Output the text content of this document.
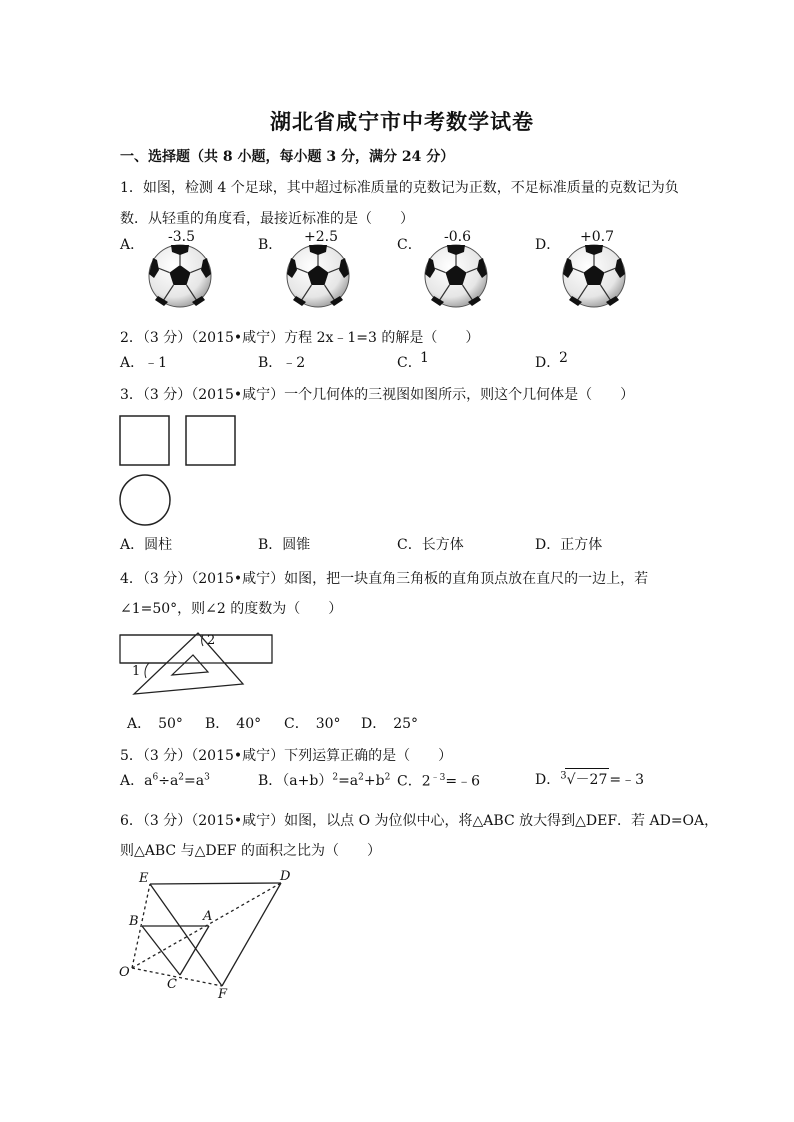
湖北省咸宁市中考数学试卷
一、选择题（共 8 小题，每小题 3 分，满分 24 分）
1．如图，检测 4 个足球，其中超过标准质量的克数记为正数，不足标准质量的克数记为负
数．从轻重的角度看，最接近标准的是（　　）
A． -3.5	B． +2.5	C． -0.6	D． +0.7
2．（3 分）（2015•咸宁）方程 2x﹣1=3 的解是（　　）
A．﹣1	B．﹣2	C．
1	D．
2
3．（3 分）（2015•咸宁）一个几何体的三视图如图所示，则这个几何体是（　　）
A．圆柱	B．圆锥	C．长方体	D．正方体
4．（3 分）（2015•咸宁）如图，把一块直角三角板的直角顶点放在直尺的一边上，若
∠1=50°，则∠2 的度数为（　　）
1
2
A．　50° B．　40° C．　30° D．　25°
5．（3 分）（2015•咸宁）下列运算正确的是（　　）
A．$a^6\div a^2=a^3$	B．$(a+b)^2=a^2+b^2$ C．$2^{﹣3}=﹣6$	D．$^3$√－27 =﹣3
6．（3 分）（2015•咸宁）如图，以点 O 为位似中心，将△ABC 放大得到△DEF．若 AD=OA，
则△ABC 与△DEF 的面积之比为（　　）
E	D
B	A
O
C
F
